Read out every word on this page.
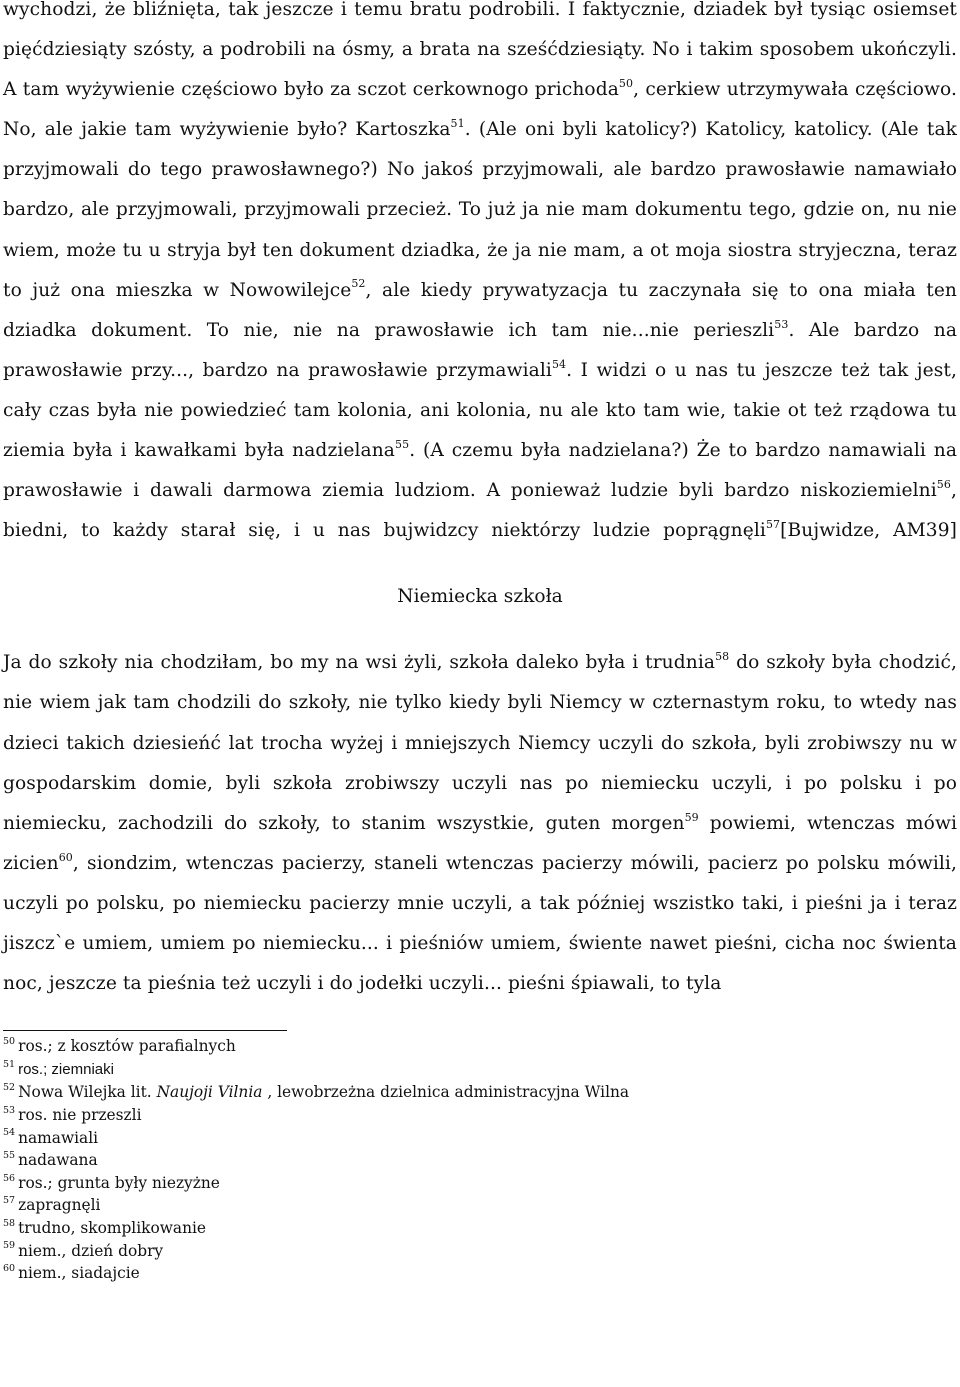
wychodzi, że bliźnięta, tak jeszcze i temu bratu podrobili. I faktycznie, dziadek był tysiąc osiemset pięćdziesiąty szósty, a podrobili na ósmy, a brata na sześćdziesiąty. No i takim sposobem ukończyli. A tam wyżywienie częściowo było za sczot cerkownogo prichoda$^{50}$, cerkiew utrzymywała częściowo. No, ale jakie tam wyżywienie było? Kartoszka$^{51}$. (Ale oni byli katolicy?) Katolicy, katolicy. (Ale tak przyjmowali do tego prawosławnego?) No jakoś przyjmowali, ale bardzo prawosławie namawiało bardzo, ale przyjmowali, przyjmowali przecież. To już ja nie mam dokumentu tego, gdzie on, nu nie wiem, może tu u stryja był ten dokument dziadka, że ja nie mam, a ot moja siostra stryjeczna, teraz to już ona mieszka w Nowowilejce$^{52}$, ale kiedy prywatyzacja tu zaczynała się to ona miała ten dziadka dokument. To nie, nie na prawosławie ich tam nie...nie perieszli$^{53}$. Ale bardzo na prawosławie przy..., bardzo na prawosławie przymawiali$^{54}$. I widzi o u nas tu jeszcze też tak jest, cały czas była nie powiedzieć tam kolonia, ani kolonia, nu ale kto tam wie, takie ot też rządowa tu ziemia była i kawałkami była nadzielana$^{55}$. (A czemu była nadzielana?) Że to bardzo namawiali na prawosławie i dawali darmowa ziemia ludziom. A ponieważ ludzie byli bardzo niskoziemielni$^{56}$, biedni, to każdy starał się, i u nas bujwidzcy niektórzy ludzie poprągnęli$^{57}$[Bujwidze, AM39]
Niemiecka szkoła
Ja do szkoły nia chodziłam, bo my na wsi żyli, szkoła daleko była i trudnia$^{58}$ do szkoły była chodzić, nie wiem jak tam chodzili do szkoły, nie tylko kiedy byli Niemcy w czternastym roku, to wtedy nas dzieci takich dziesieńć lat trocha wyżej i mniejszych Niemcy uczyli do szkoła, byli zrobiwszy nu w gospodarskim domie, byli szkoła zrobiwszy uczyli nas po niemiecku uczyli, i po polsku i po niemiecku, zachodzili do szkoły, to stanim wszystkie, guten morgen$^{59}$ powiemi, wtenczas mówi zicien$^{60}$, siondzim, wtenczas pacierzy, staneli wtenczas pacierzy mówili, pacierz po polsku mówili, uczyli po polsku, po niemiecku pacierzy mnie uczyli, a tak później wszistko taki, i pieśni ja i teraz jiszcz`e umiem, umiem po niemiecku... i pieśniów umiem, świente nawet pieśni, cicha noc świenta noc, jeszcze ta pieśnia też uczyli i do jodełki uczyli... pieśni śpiawali, to tyla
$^{50}$ ros.; z kosztów parafialnych
$^{51}$ ros.; ziemniaki
$^{52}$ Nowa Wilejka lit. Naujoji Vilnia , lewobrzeżna dzielnica administracyjna Wilna
$^{53}$ ros. nie przeszli
$^{54}$ namawiali
$^{55}$ nadawana
$^{56}$ ros.; grunta były niezyżne
$^{57}$ zapragnęli
$^{58}$ trudno, skomplikowanie
$^{59}$ niem., dzień dobry
$^{60}$ niem., siadajcie
